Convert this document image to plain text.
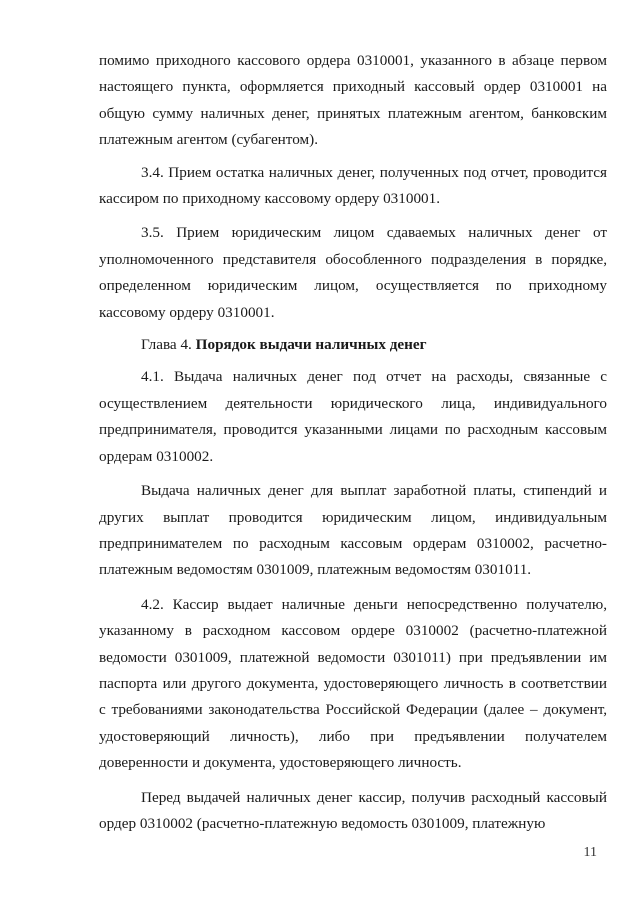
помимо приходного кассового ордера 0310001, указанного в абзаце первом настоящего пункта, оформляется приходный кассовый ордер 0310001 на общую сумму наличных денег, принятых платежным агентом, банковским платежным агентом (субагентом).

3.4. Прием остатка наличных денег, полученных под отчет, проводится кассиром по приходному кассовому ордеру 0310001.

3.5. Прием юридическим лицом сдаваемых наличных денег от уполномоченного представителя обособленного подразделения в порядке, определенном юридическим лицом, осуществляется по приходному кассовому ордеру 0310001.

Глава 4. Порядок выдачи наличных денег

4.1. Выдача наличных денег под отчет на расходы, связанные с осуществлением деятельности юридического лица, индивидуального предпринимателя, проводится указанными лицами по расходным кассовым ордерам 0310002.

Выдача наличных денег для выплат заработной платы, стипендий и других выплат проводится юридическим лицом, индивидуальным предпринимателем по расходным кассовым ордерам 0310002, расчетно-платежным ведомостям 0301009, платежным ведомостям 0301011.

4.2. Кассир выдает наличные деньги непосредственно получателю, указанному в расходном кассовом ордере 0310002 (расчетно-платежной ведомости 0301009, платежной ведомости 0301011) при предъявлении им паспорта или другого документа, удостоверяющего личность в соответствии с требованиями законодательства Российской Федерации (далее – документ, удостоверяющий личность), либо при предъявлении получателем доверенности и документа, удостоверяющего личность.

Перед выдачей наличных денег кассир, получив расходный кассовый ордер 0310002 (расчетно-платежную ведомость 0301009, платежную

11
